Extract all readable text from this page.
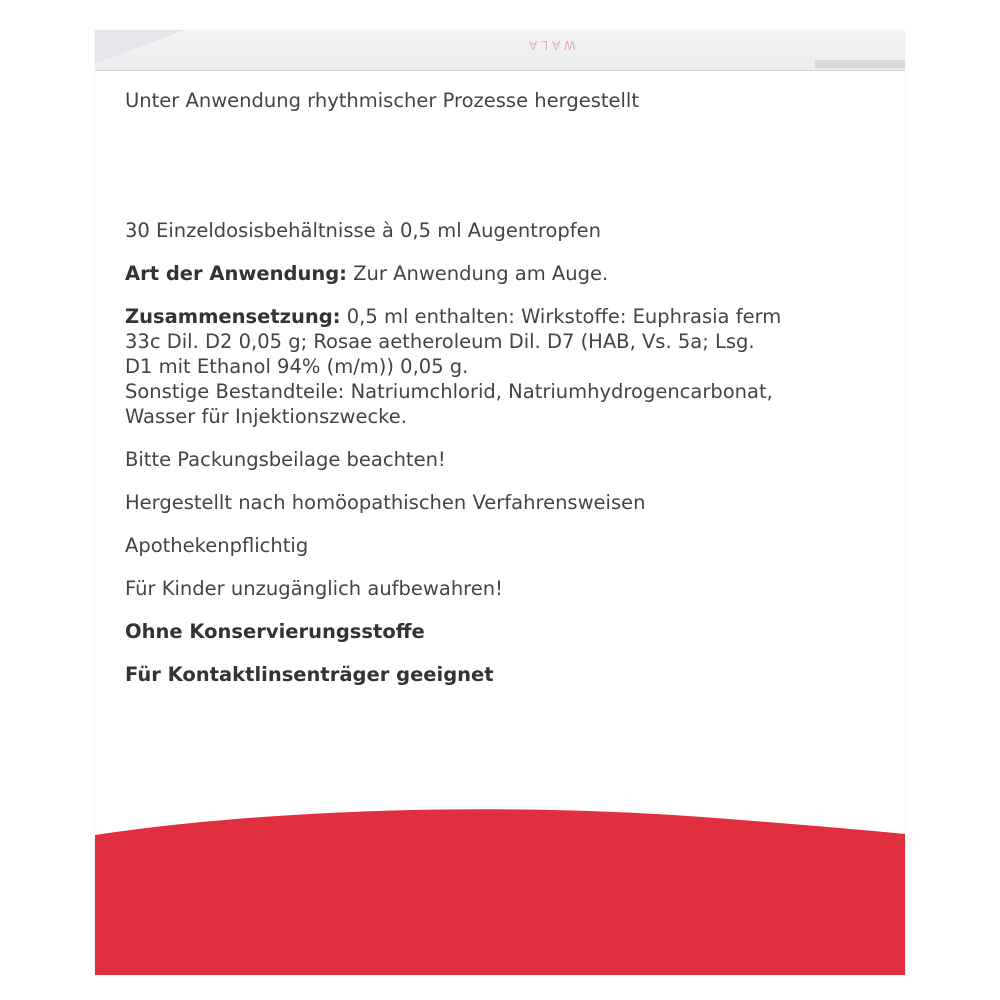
WALA

Unter Anwendung rhythmischer Prozesse hergestellt

30 Einzeldosisbehältnisse à 0,5 ml Augentropfen

Art der Anwendung: Zur Anwendung am Auge.

Zusammensetzung: 0,5 ml enthalten: Wirkstoffe: Euphrasia ferm

33c Dil. D2 0,05 g; Rosae aetheroleum Dil. D7 (HAB, Vs. 5a; Lsg.

D1 mit Ethanol 94% (m/m)) 0,05 g.

Sonstige Bestandteile: Natriumchlorid, Natriumhydrogencarbonat,

Wasser für Injektionszwecke.

Bitte Packungsbeilage beachten!

Hergestellt nach homöopathischen Verfahrensweisen

Apothekenpflichtig

Für Kinder unzugänglich aufbewahren!

Ohne Konservierungsstoffe

Für Kontaktlinsenträger geeignet
